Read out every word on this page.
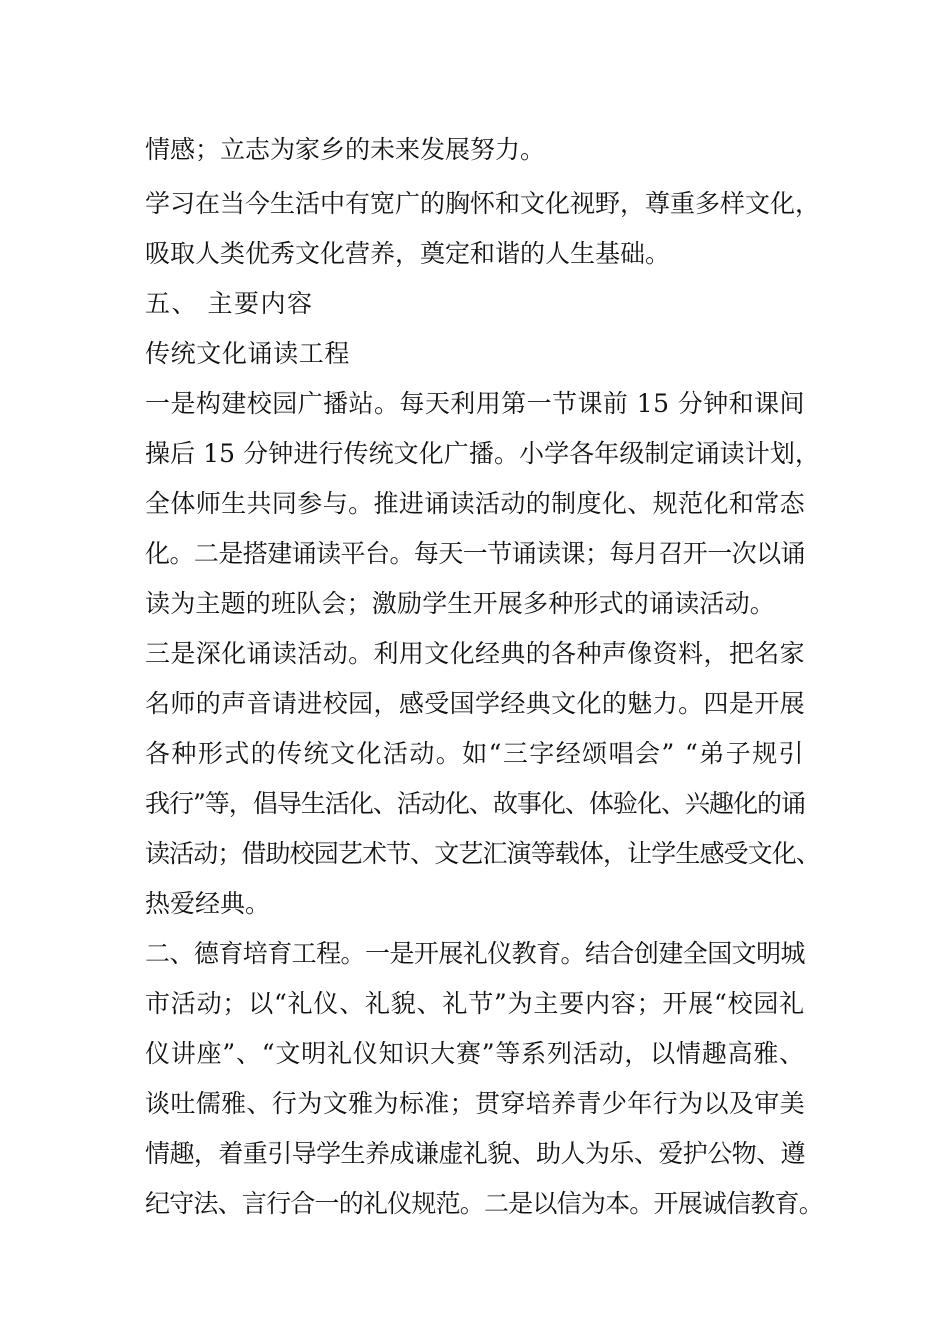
情感；立志为家乡的未来发展努力。
学习在当今生活中有宽广的胸怀和文化视野，尊重多样文化，
吸取人类优秀文化营养，奠定和谐的人生基础。
五、 主要内容
传统文化诵读工程
一是构建校园广播站。每天利用第一节课前 15 分钟和课间
操后 15 分钟进行传统文化广播。小学各年级制定诵读计划，
全体师生共同参与。推进诵读活动的制度化、规范化和常态
化。二是搭建诵读平台。每天一节诵读课；每月召开一次以诵
读为主题的班队会；激励学生开展多种形式的诵读活动。
三是深化诵读活动。利用文化经典的各种声像资料，把名家
名师的声音请进校园，感受国学经典文化的魅力。四是开展
各种形式的传统文化活动。如“三字经颂唱会” “弟子规引
我行”等，倡导生活化、活动化、故事化、体验化、兴趣化的诵
读活动；借助校园艺术节、文艺汇演等载体，让学生感受文化、
热爱经典。
二、德育培育工程。一是开展礼仪教育。结合创建全国文明城
市活动；以“礼仪、礼貌、礼节”为主要内容；开展“校园礼
仪讲座”、“文明礼仪知识大赛”等系列活动，以情趣高雅、
谈吐儒雅、行为文雅为标准；贯穿培养青少年行为以及审美
情趣，着重引导学生养成谦虚礼貌、助人为乐、爱护公物、遵
纪守法、言行合一的礼仪规范。二是以信为本。开展诚信教育。
